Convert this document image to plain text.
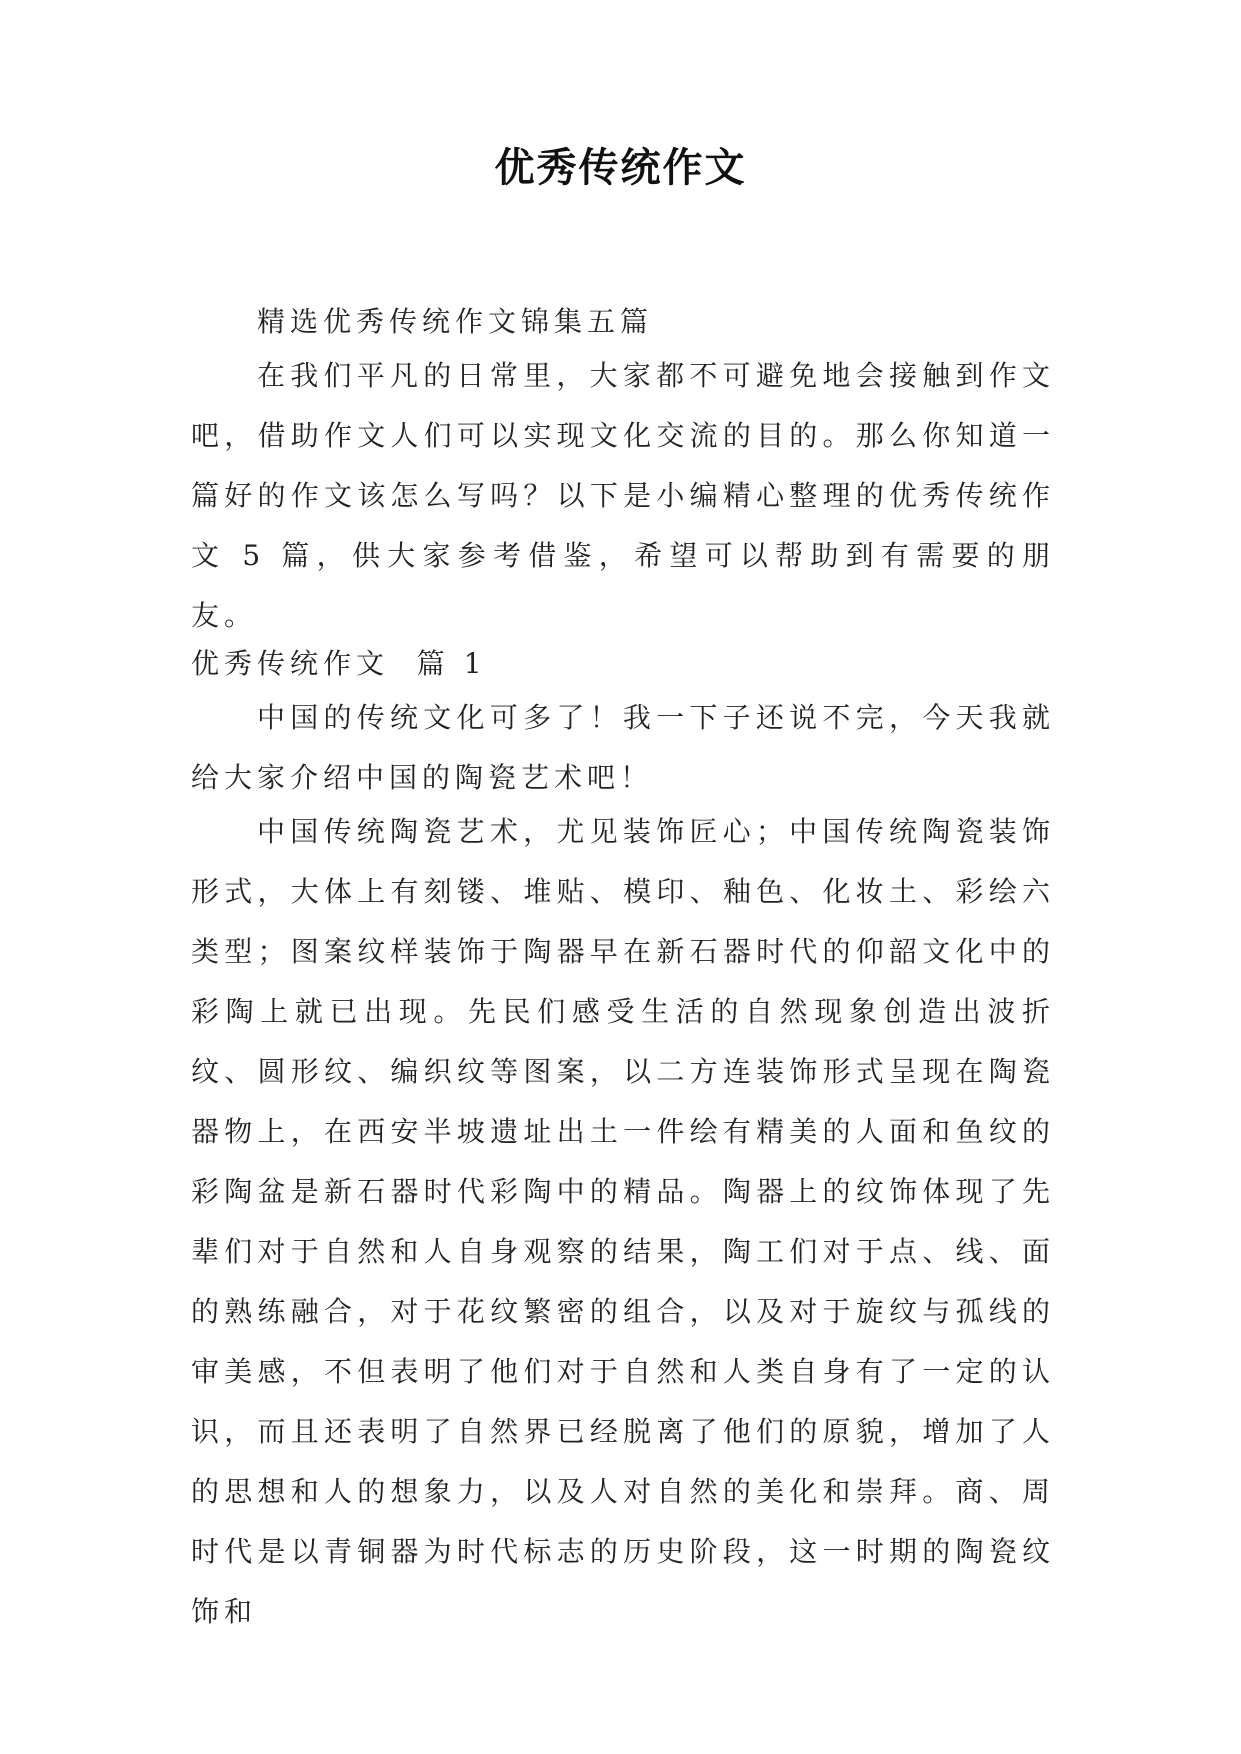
优秀传统作文

精选优秀传统作文锦集五篇

在我们平凡的日常里，大家都不可避免地会接触到作文吧，借助作文人们可以实现文化交流的目的。那么你知道一篇好的作文该怎么写吗？以下是小编精心整理的优秀传统作文 5 篇，供大家参考借鉴，希望可以帮助到有需要的朋友。

优秀传统作文  篇 1

中国的传统文化可多了！我一下子还说不完，今天我就给大家介绍中国的陶瓷艺术吧！

中国传统陶瓷艺术，尤见装饰匠心；中国传统陶瓷装饰形式，大体上有刻镂、堆贴、模印、釉色、化妆土、彩绘六类型；图案纹样装饰于陶器早在新石器时代的仰韶文化中的彩陶上就已出现。先民们感受生活的自然现象创造出波折纹、圆形纹、编织纹等图案，以二方连装饰形式呈现在陶瓷器物上，在西安半坡遗址出土一件绘有精美的人面和鱼纹的彩陶盆是新石器时代彩陶中的精品。陶器上的纹饰体现了先辈们对于自然和人自身观察的结果，陶工们对于点、线、面的熟练融合，对于花纹繁密的组合，以及对于旋纹与孤线的审美感，不但表明了他们对于自然和人类自身有了一定的认识，而且还表明了自然界已经脱离了他们的原貌，增加了人的思想和人的想象力，以及人对自然的美化和崇拜。商、周时代是以青铜器为时代标志的历史阶段，这一时期的陶瓷纹饰和
